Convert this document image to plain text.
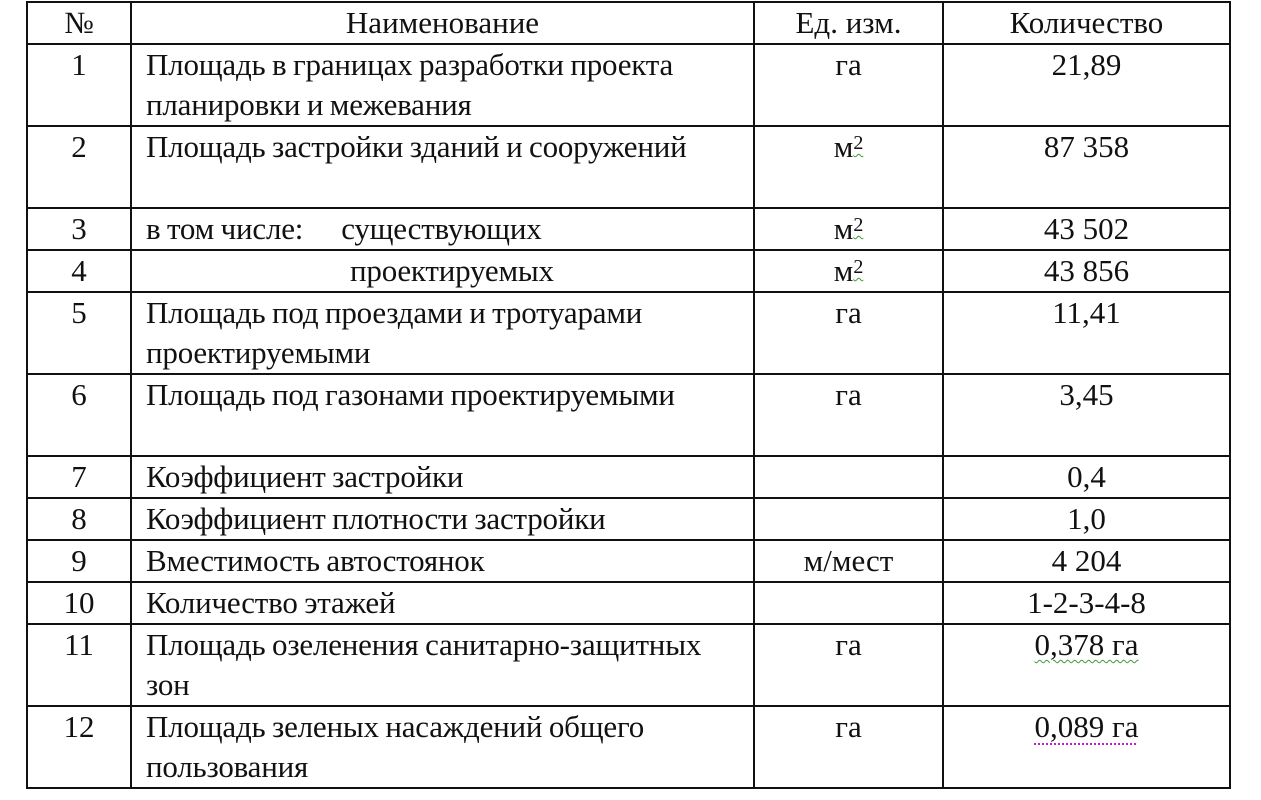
№	Наименование	Ед. изм.	Количество
1	Площадь в границах разработки проекта планировки и межевания	га	21,89
2	Площадь застройки зданий и сооружений	$м^2$	87 358
3	в том числе: существующих	$м^2$	43 502
4	проектируемых	$м^2$	43 856
5	Площадь под проездами и тротуарами проектируемыми	га	11,41
6	Площадь под газонами проектируемыми	га	3,45
7	Коэффициент застройки		0,4
8	Коэффициент плотности застройки		1,0
9	Вместимость автостоянок	м/мест	4 204
10	Количество этажей		1-2-3-4-8
11	Площадь озеленения санитарно-защитных зон	га	0,378 га
12	Площадь зеленых насаждений общего пользования	га	0,089 га
